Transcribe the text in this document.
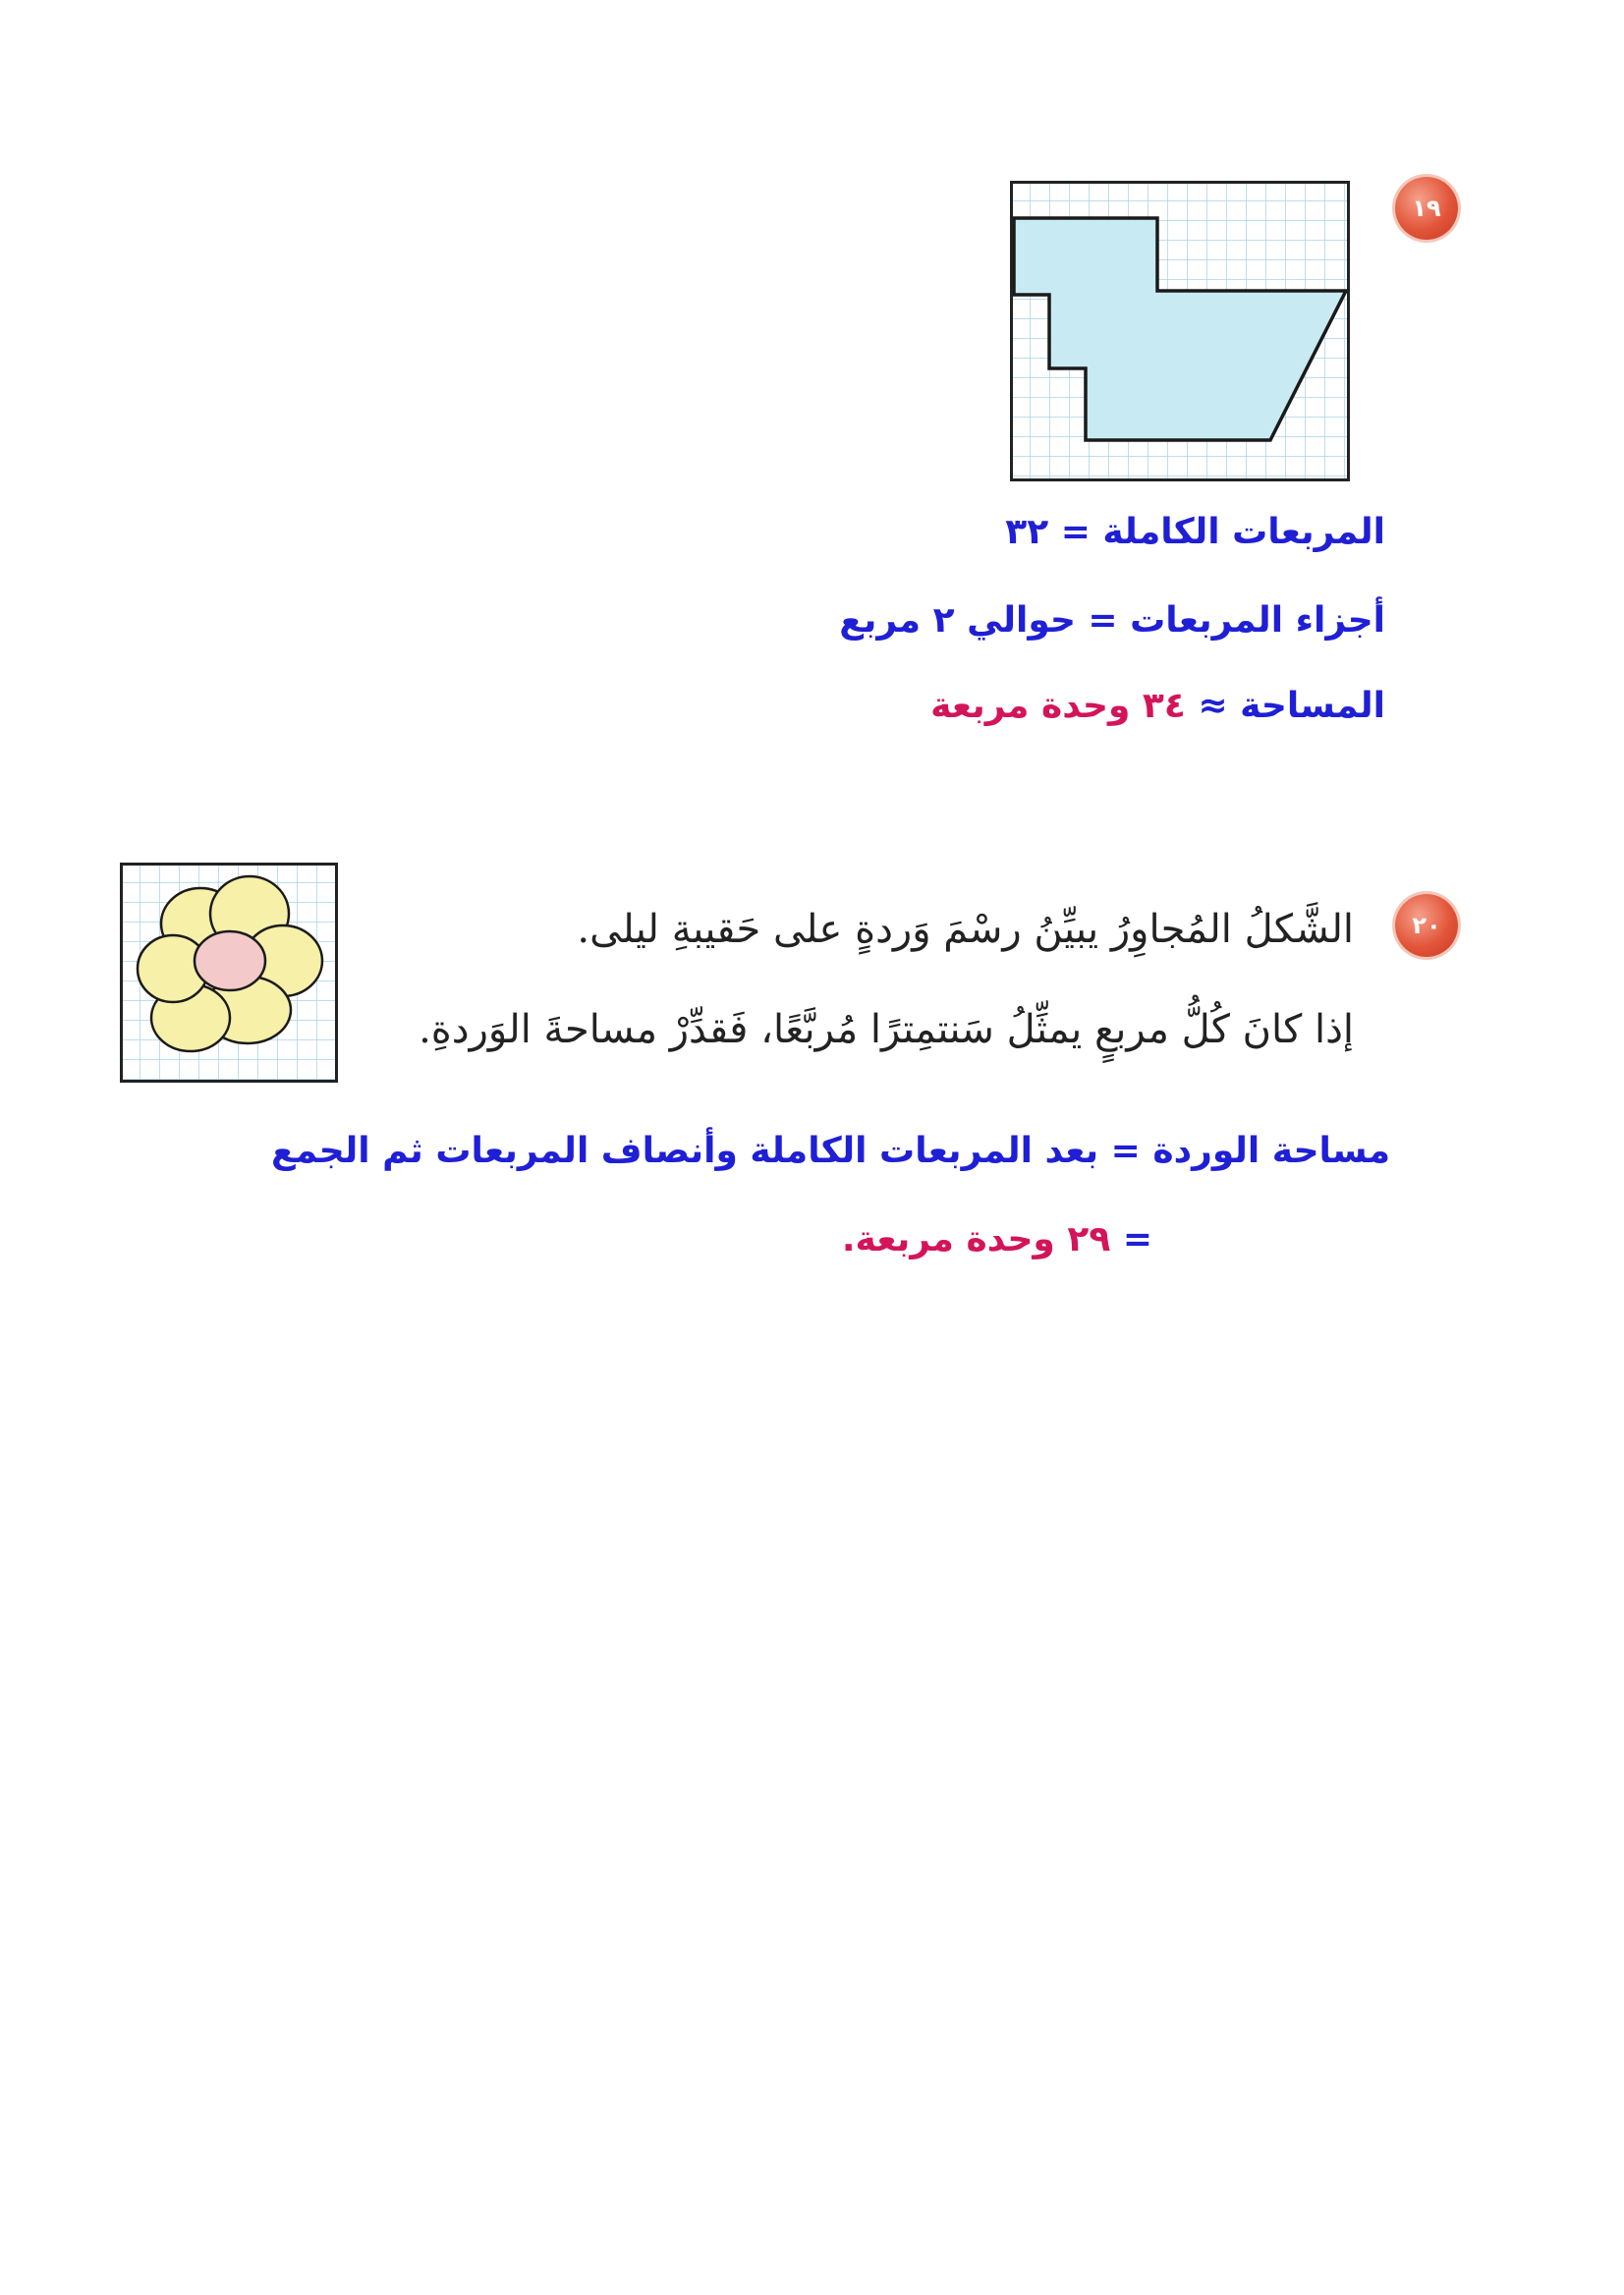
١٩
المربعات الكاملة = ٣٢
أجزاء المربعات = حوالي ٢ مربع
المساحة ≈ ٣٤ وحدة مربعة
٢٠
الشَّكلُ المُجاوِرُ يبيِّنُ رسْمَ وَردةٍ على حَقيبةِ ليلى.
إذا كانَ كُلُّ مربعٍ يمثِّلُ سَنتمِترًا مُربَّعًا، فَقدِّرْ مساحةَ الوَردةِ.
مساحة الوردة = بعد المربعات الكاملة وأنصاف المربعات ثم الجمع
= ٢٩ وحدة مربعة.
